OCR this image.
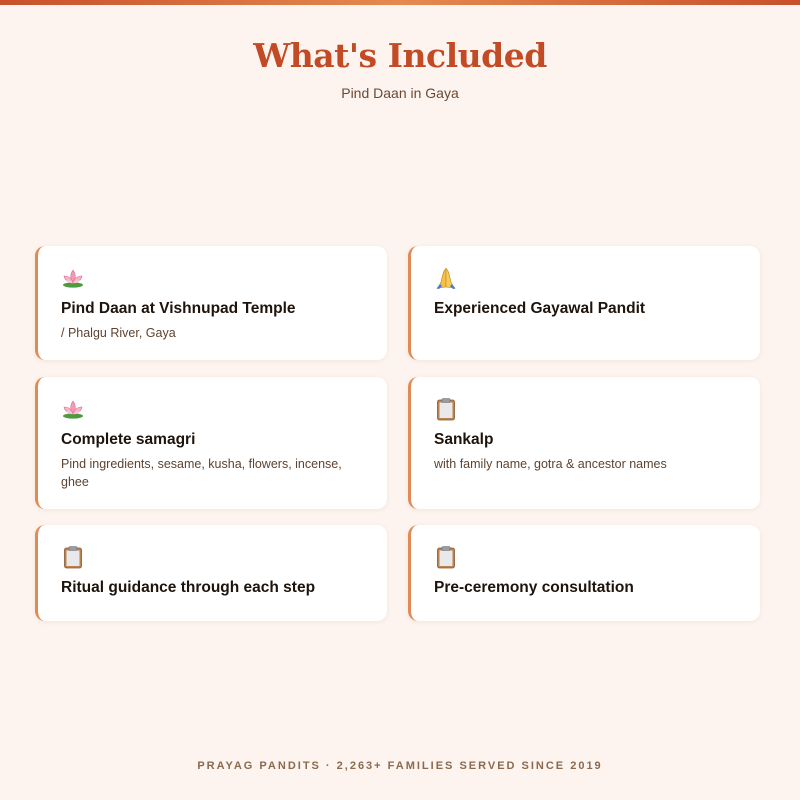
What's Included
Pind Daan in Gaya
Pind Daan at Vishnupad Temple
/ Phalgu River, Gaya
Experienced Gayawal Pandit
Complete samagri
Pind ingredients, sesame, kusha, flowers, incense, ghee
Sankalp
with family name, gotra & ancestor names
Ritual guidance through each step	Pre-ceremony consultation
PRAYAG PANDITS · 2,263+ FAMILIES SERVED SINCE 2019
